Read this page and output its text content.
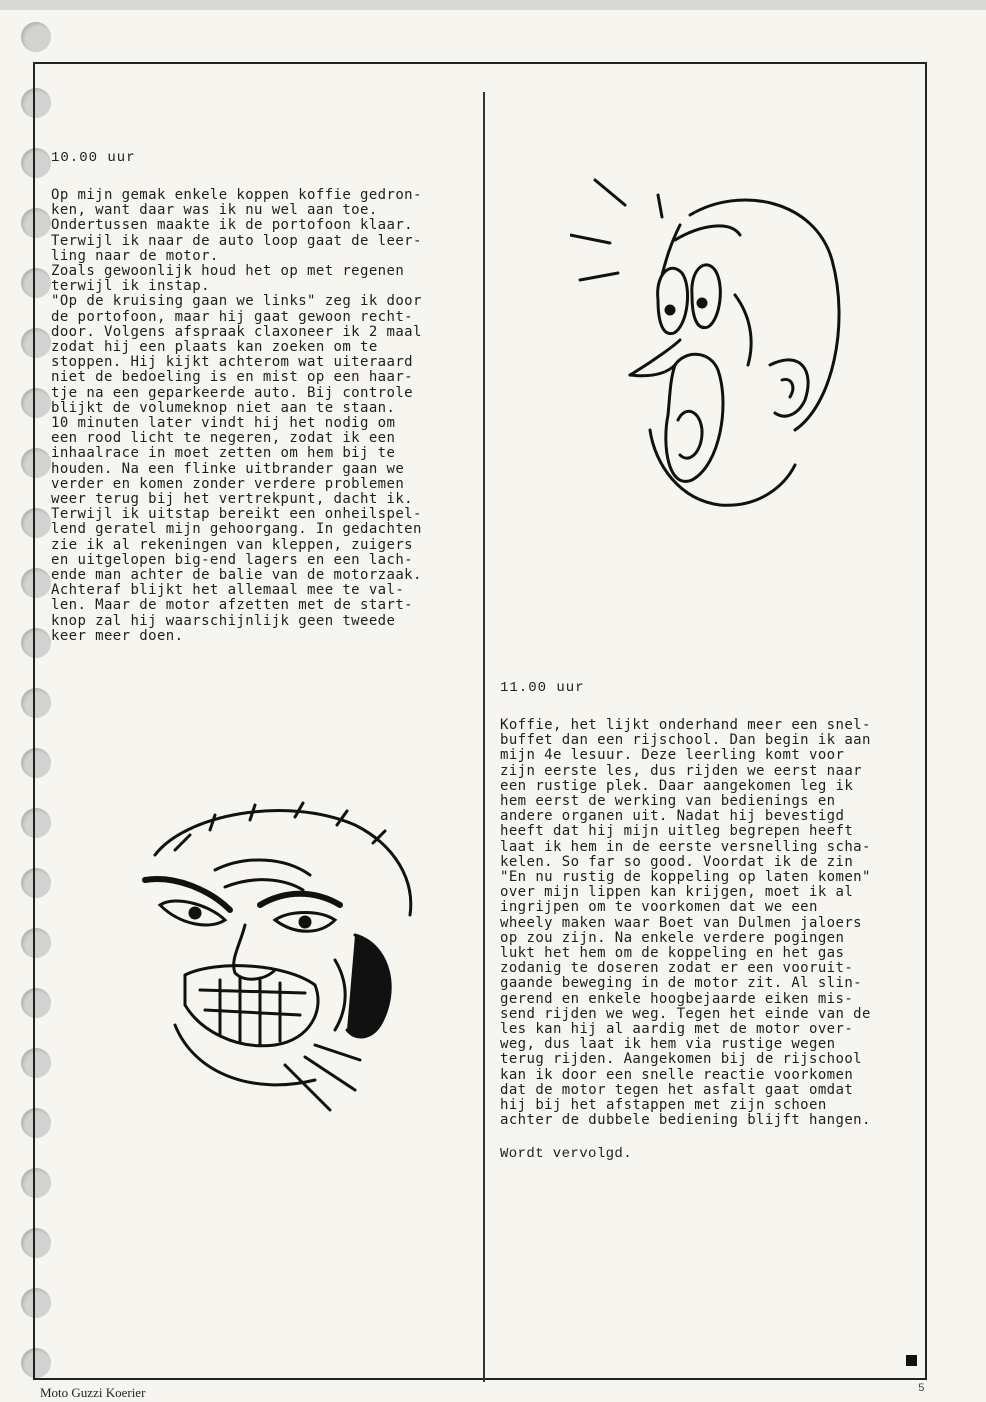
10.00 uur
Op mijn gemak enkele koppen koffie gedron-
ken, want daar was ik nu wel aan toe.
Ondertussen maakte ik de portofoon klaar.
Terwijl ik naar de auto loop gaat de leer-
ling naar de motor.
Zoals gewoonlijk houd het op met regenen
terwijl ik instap.
"Op de kruising gaan we links" zeg ik door
de portofoon, maar hij gaat gewoon recht-
door. Volgens afspraak claxoneer ik 2 maal
zodat hij een plaats kan zoeken om te
stoppen. Hij kijkt achterom wat uiteraard
niet de bedoeling is en mist op een haar-
tje na een geparkeerde auto. Bij controle
blijkt de volumeknop niet aan te staan.
10 minuten later vindt hij het nodig om
een rood licht te negeren, zodat ik een
inhaalrace in moet zetten om hem bij te
houden. Na een flinke uitbrander gaan we
verder en komen zonder verdere problemen
weer terug bij het vertrekpunt, dacht ik.
Terwijl ik uitstap bereikt een onheilspel-
lend geratel mijn gehoorgang. In gedachten
zie ik al rekeningen van kleppen, zuigers
en uitgelopen big-end lagers en een lach-
ende man achter de balie van de motorzaak.
Achteraf blijkt het allemaal mee te val-
len. Maar de motor afzetten met de start-
knop zal hij waarschijnlijk geen tweede
keer meer doen.
11.00 uur
Koffie, het lijkt onderhand meer een snel-
buffet dan een rijschool. Dan begin ik aan
mijn 4e lesuur. Deze leerling komt voor
zijn eerste les, dus rijden we eerst naar
een rustige plek. Daar aangekomen leg ik
hem eerst de werking van bedienings en
andere organen uit. Nadat hij bevestigd
heeft dat hij mijn uitleg begrepen heeft
laat ik hem in de eerste versnelling scha-
kelen. So far so good. Voordat ik de zin
"En nu rustig de koppeling op laten komen"
over mijn lippen kan krijgen, moet ik al
ingrijpen om te voorkomen dat we een
wheely maken waar Boet van Dulmen jaloers
op zou zijn. Na enkele verdere pogingen
lukt het hem om de koppeling en het gas
zodanig te doseren zodat er een vooruit-
gaande beweging in de motor zit. Al slin-
gerend en enkele hoogbejaarde eiken mis-
send rijden we weg. Tegen het einde van de
les kan hij al aardig met de motor over-
weg, dus laat ik hem via rustige wegen
terug rijden. Aangekomen bij de rijschool
kan ik door een snelle reactie voorkomen
dat de motor tegen het asfalt gaat omdat
hij bij het afstappen met zijn schoen
achter de dubbele bediening blijft hangen.
Wordt vervolgd.
Moto Guzzi Koerier	5
